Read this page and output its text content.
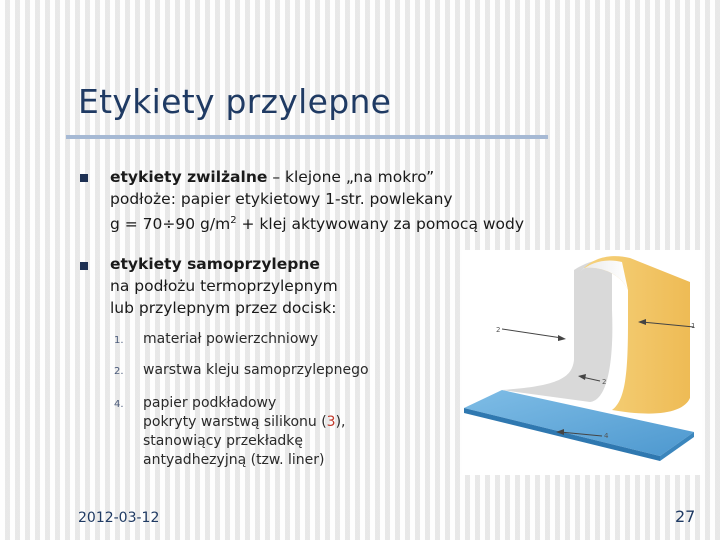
Etykiety przylepne
etykiety zwilżalne – klejone „na mokro”
podłoże: papier etykietowy 1-str. powlekany
g = 70÷90 $g/m^2$ + klej aktywowany za pomocą wody
etykiety samoprzylepne
na podłożu termoprzylepnym
lub przylepnym przez docisk:
1. materiał powierzchniowy
2. warstwa kleju samoprzylepnego
4. papier podkładowy
pokryty warstwą silikonu (3),
stanowiący przekładkę
antyadhezyjną (tzw. liner)
1
2
2
4
2012-03-12	27
